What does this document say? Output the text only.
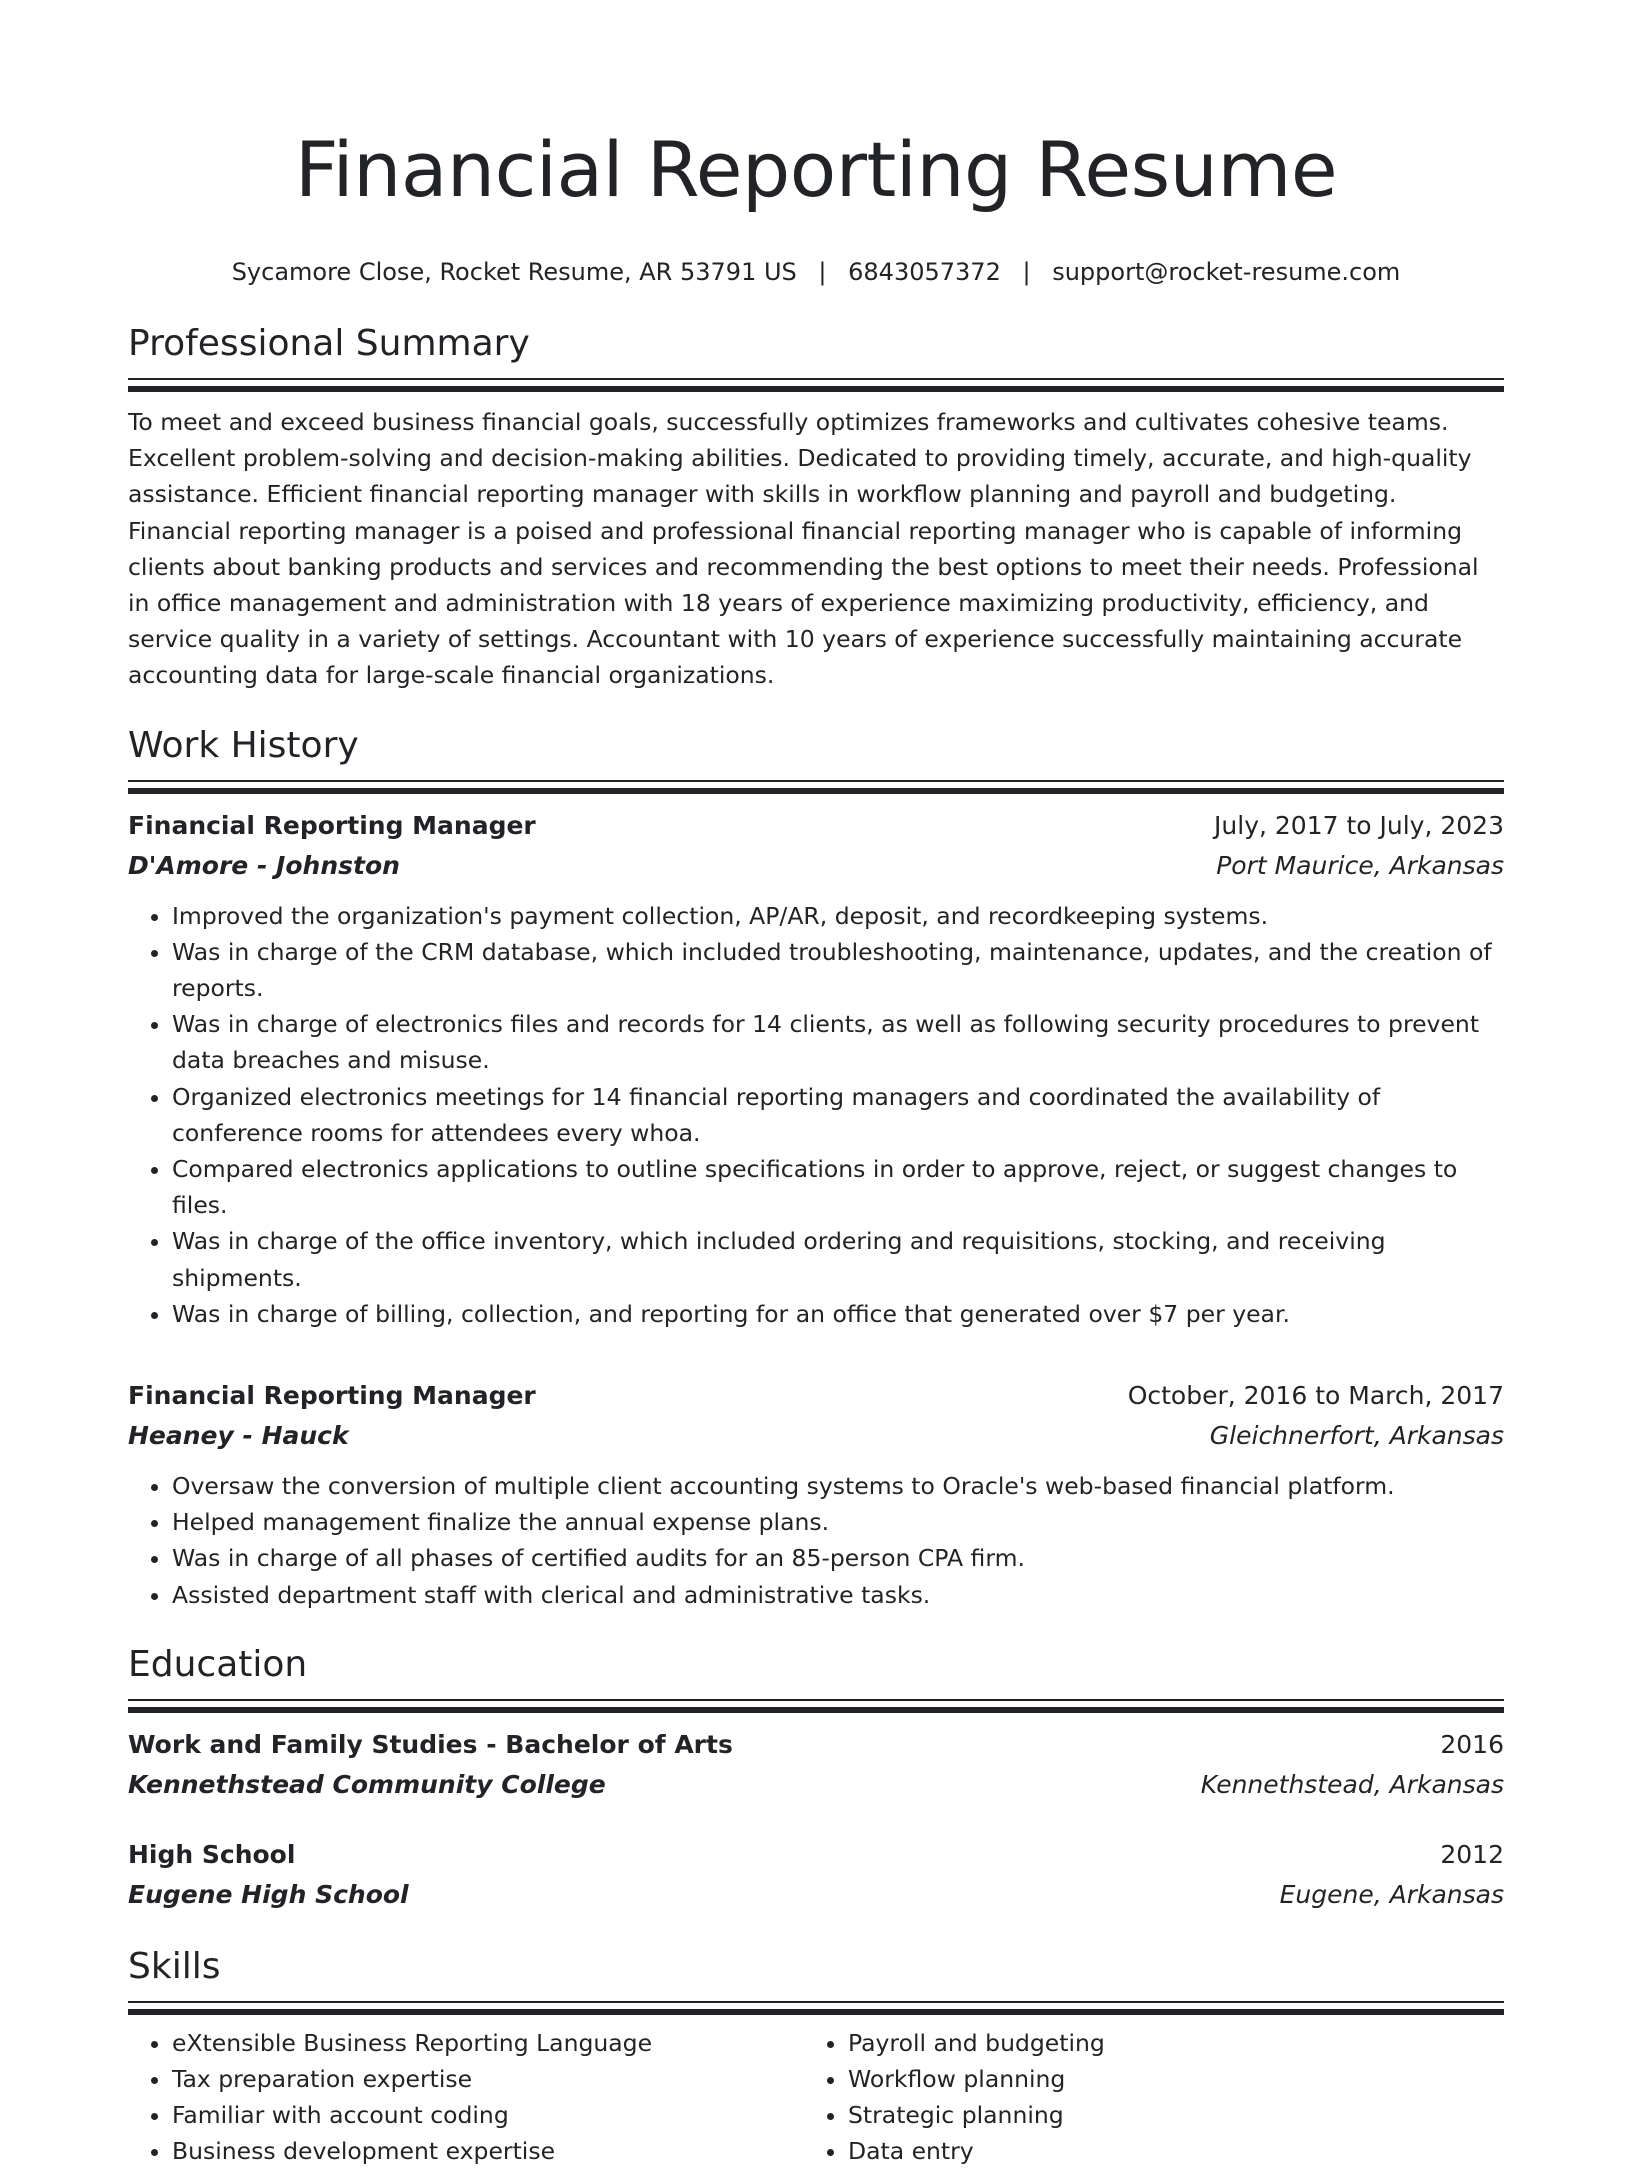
Financial Reporting Resume
Sycamore Close, Rocket Resume, AR 53791 US | 6843057372 | support@rocket-resume.com
Professional Summary

To meet and exceed business financial goals, successfully optimizes frameworks and cultivates cohesive teams. Excellent problem-solving and decision-making abilities. Dedicated to providing timely, accurate, and high-quality assistance. Efficient financial reporting manager with skills in workflow planning and payroll and budgeting. Financial reporting manager is a poised and professional financial reporting manager who is capable of informing clients about banking products and services and recommending the best options to meet their needs. Professional in office management and administration with 18 years of experience maximizing productivity, efficiency, and service quality in a variety of settings. Accountant with 10 years of experience successfully maintaining accurate accounting data for large-scale financial organizations.

Work History
Financial Reporting Manager	July, 2017 to July, 2023
D'Amore - Johnston	Port Maurice, Arkansas
• Improved the organization's payment collection, AP/AR, deposit, and recordkeeping systems.
• Was in charge of the CRM database, which included troubleshooting, maintenance, updates, and the creation of reports.
• Was in charge of electronics files and records for 14 clients, as well as following security procedures to prevent data breaches and misuse.
• Organized electronics meetings for 14 financial reporting managers and coordinated the availability of conference rooms for attendees every whoa.
• Compared electronics applications to outline specifications in order to approve, reject, or suggest changes to files.
• Was in charge of the office inventory, which included ordering and requisitions, stocking, and receiving shipments.
• Was in charge of billing, collection, and reporting for an office that generated over $7 per year.
Financial Reporting Manager	October, 2016 to March, 2017
Heaney - Hauck	Gleichnerfort, Arkansas
• Oversaw the conversion of multiple client accounting systems to Oracle's web-based financial platform.
• Helped management finalize the annual expense plans.
• Was in charge of all phases of certified audits for an 85-person CPA firm.
• Assisted department staff with clerical and administrative tasks.
Education
Work and Family Studies - Bachelor of Arts	2016
Kennethstead Community College	Kennethstead, Arkansas
High School	2012
Eugene High School	Eugene, Arkansas
Skills
• eXtensible Business Reporting Language
• Tax preparation expertise
• Familiar with account coding
• Business development expertise
• Payroll and budgeting
• Workflow planning
• Strategic planning
• Data entry
